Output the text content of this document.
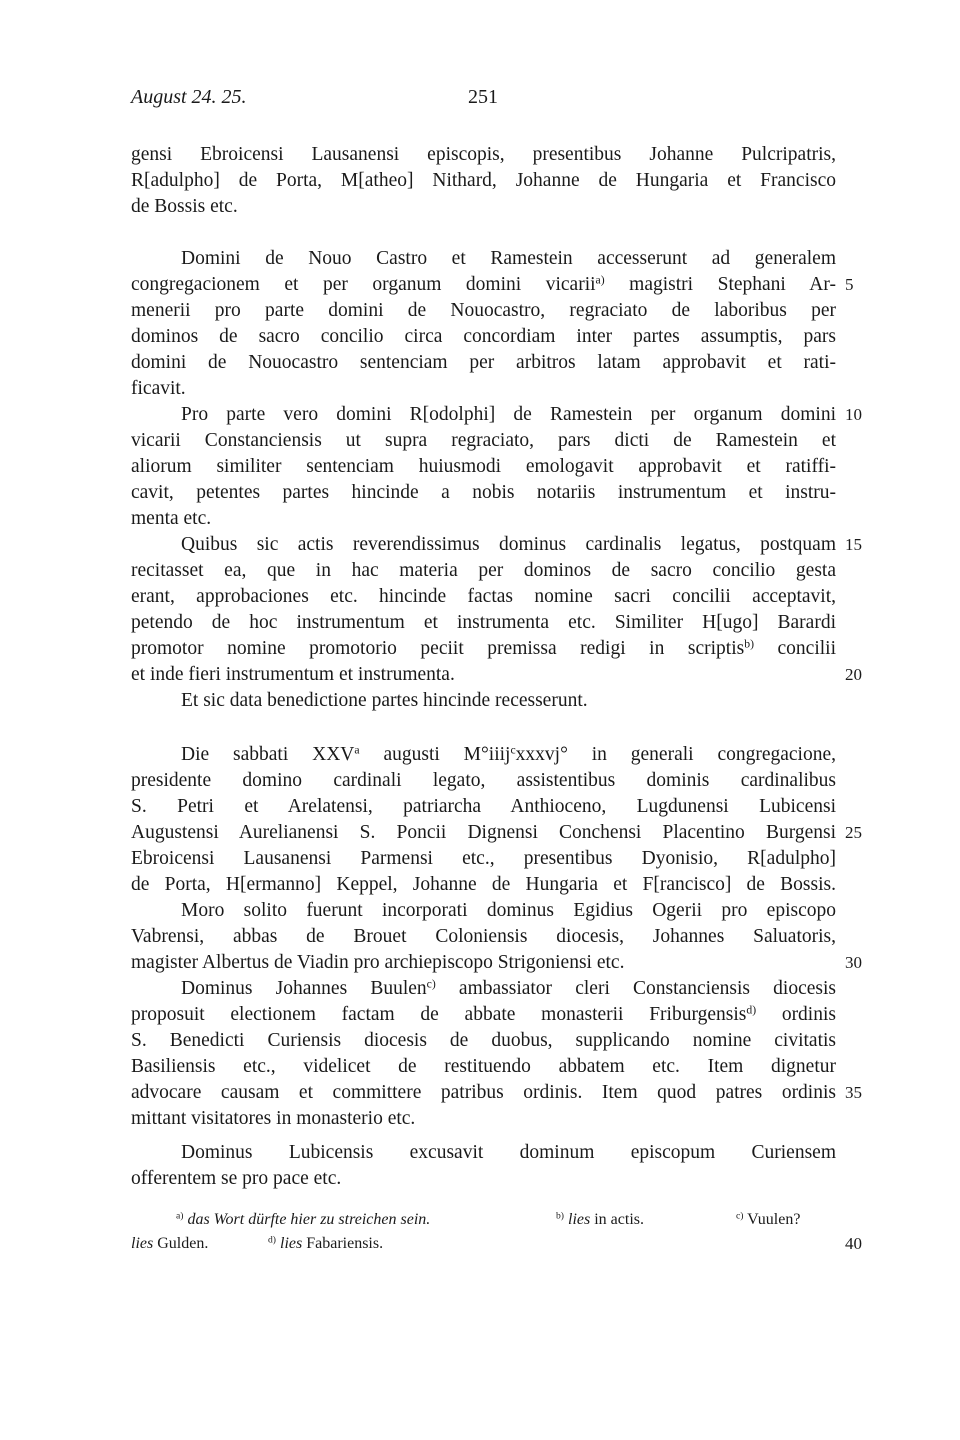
August 24. 25.	251
gensi Ebroicensi Lausanensi episcopis, presentibus Johanne Pulcripatris,
R[adulpho] de Porta, M[atheo] Nithard, Johanne de Hungaria et Francisco
de Bossis etc.
Domini de Nouo Castro et Ramestein accesserunt ad generalem
congregacionem et per organum domini vicarii$^{a)}$ magistri Stephani Ar- 5
menerii pro parte domini de Nouocastro, regraciato de laboribus per
dominos de sacro concilio circa concordiam inter partes assumptis, pars
domini de Nouocastro sentenciam per arbitros latam approbavit et rati-
ficavit.
Pro parte vero domini R[odolphi] de Ramestein per organum domini 10
vicarii Constanciensis ut supra regraciato, pars dicti de Ramestein et
aliorum similiter sentenciam huiusmodi emologavit approbavit et ratiffi-
cavit, petentes partes hincinde a nobis notariis instrumentum et instru-
menta etc.
Quibus sic actis reverendissimus dominus cardinalis legatus, postquam 15
recitasset ea, que in hac materia per dominos de sacro concilio gesta
erant, approbaciones etc. hincinde factas nomine sacri concilii acceptavit,
petendo de hoc instrumentum et instrumenta etc. Similiter H[ugo] Barardi
promotor nomine promotorio peciit premissa redigi in scriptis$^{b)}$ concilii
et inde fieri instrumentum et instrumenta.	20
Et sic data benedictione partes hincinde recesserunt.
Die sabbati XXV$^a$ augusti M°iiij$^c$xxxvj° in generali congregacione,
presidente domino cardinali legato, assistentibus dominis cardinalibus
S. Petri et Arelatensi, patriarcha Anthioceno, Lugdunensi Lubicensi
Augustensi Aurelianensi S. Poncii Dignensi Conchensi Placentino Burgensi 25
Ebroicensi Lausanensi Parmensi etc., presentibus Dyonisio, R[adulpho]
de Porta, H[ermanno] Keppel, Johanne de Hungaria et F[rancisco] de Bossis.
Moro solito fuerunt incorporati dominus Egidius Ogerii pro episcopo
Vabrensi, abbas de Brouet Coloniensis diocesis, Johannes Saluatoris,
magister Albertus de Viadin pro archiepiscopo Strigoniensi etc.	30
Dominus Johannes Buulen$^{c)}$ ambassiator cleri Constanciensis diocesis
proposuit electionem factam de abbate monasterii Friburgensis$^{d)}$ ordinis
S. Benedicti Curiensis diocesis de duobus, supplicando nomine civitatis
Basiliensis etc., videlicet de restituendo abbatem etc. Item dignetur
advocare causam et committere patribus ordinis. Item quod patres ordinis 35
mittant visitatores in monasterio etc.
Dominus Lubicensis excusavit dominum episcopum Curiensem
offerentem se pro pace etc.
$^{a)}$ das Wort dürfte hier zu streichen sein.	$^{b)}$ lies in actis.	$^{c)}$ Vuulen?
lies Gulden.	$^{d)}$ lies Fabariensis.	40
